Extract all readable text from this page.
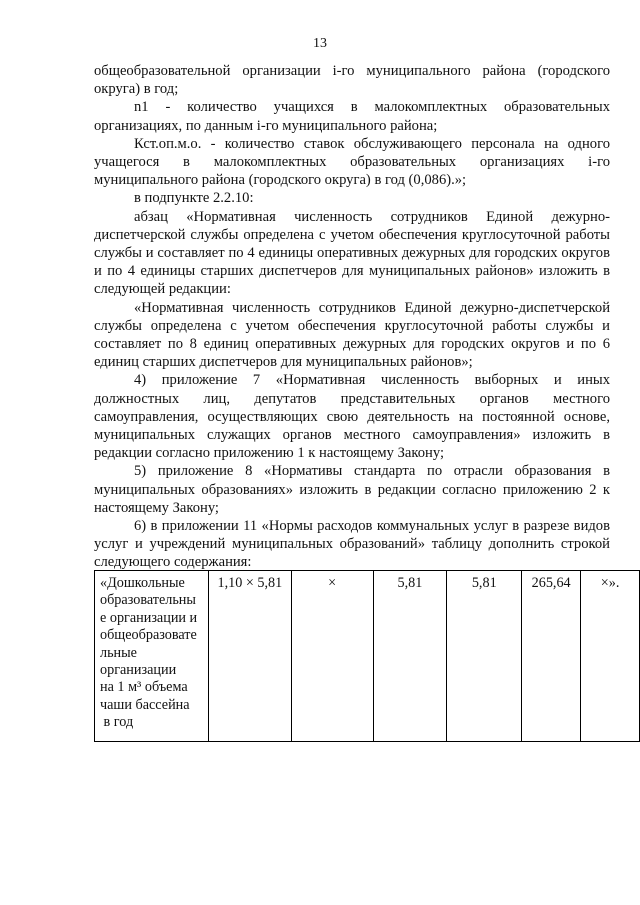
13

общеобразовательной организации i-го муниципального района (городского округа) в год;

n1 - количество учащихся в малокомплектных образовательных организациях, по данным i-го муниципального района;

Кст.оп.м.о. - количество ставок обслуживающего персонала на одного учащегося в малокомплектных образовательных организациях i-го муниципального района (городского округа) в год (0,086).»;

в подпункте 2.2.10:

абзац «Нормативная численность сотрудников Единой дежурно-диспетчерской службы определена с учетом обеспечения круглосуточной работы службы и составляет по 4 единицы оперативных дежурных для городских округов и по 4 единицы старших диспетчеров для муниципальных районов» изложить в следующей редакции:

«Нормативная численность сотрудников Единой дежурно-диспетчерской службы определена с учетом обеспечения круглосуточной работы службы и составляет по 8 единиц оперативных дежурных для городских округов и по 6 единиц старших диспетчеров для муниципальных районов»;

4) приложение 7 «Нормативная численность выборных и иных должностных лиц, депутатов представительных органов местного самоуправления, осуществляющих свою деятельность на постоянной основе, муниципальных служащих органов местного самоуправления» изложить в редакции согласно приложению 1 к настоящему Закону;

5) приложение 8 «Нормативы стандарта по отрасли образования в муниципальных образованиях» изложить в редакции согласно приложению 2 к настоящему Закону;

6) в приложении 11 «Нормы расходов коммунальных услуг в разрезе видов услуг и учреждений муниципальных образований» таблицу дополнить строкой следующего содержания:

«Дошкольные
образовательны
е организации и
общеобразовате
льные
организации
на 1 м³ объема
чаши бассейна
в год
	1,10 × 5,81	×	5,81	5,81	265,64	×».
